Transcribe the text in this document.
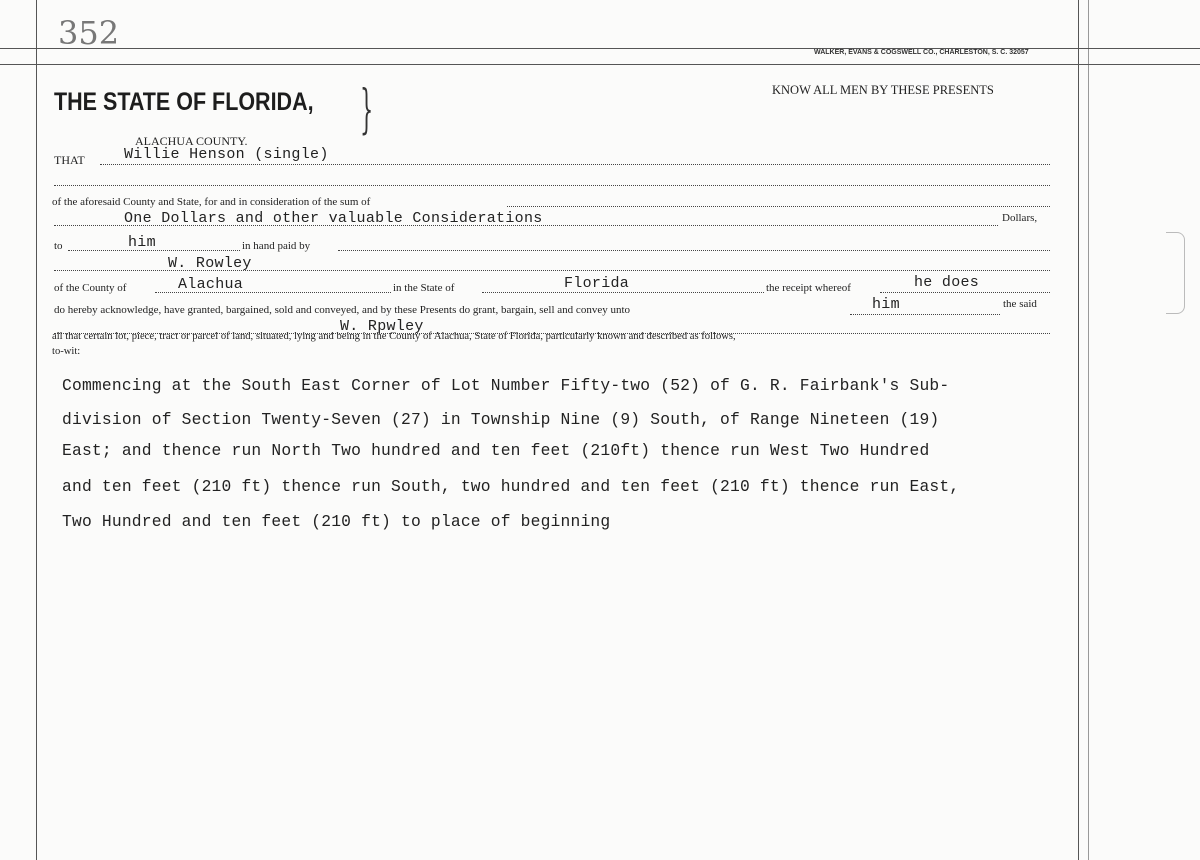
352
WALKER, EVANS & COGSWELL CO., CHARLESTON, S. C. 32057
THE STATE OF FLORIDA, }
ALACHUA COUNTY.
KNOW ALL MEN BY THESE PRESENTS
THAT	Willie Henson (single)
of the aforesaid County and State, for and in consideration of the sum of
One Dollars and other valuable Considerations	Dollars,
to	him	in hand paid by
W. Rowley
of the County of	Alachua	in the State of	Florida	the receipt whereof	he does
do hereby acknowledge, have granted, bargained, sold and conveyed, and by these Presents do grant, bargain, sell and convey unto	him	the said
W. Rpwley
all that certain lot, piece, tract or parcel of land, situated, lying and being in the County of Alachua, State of Florida, particularly known and described as follows,
to-wit:
Commencing at the South East Corner of Lot Number Fifty-two (52) of G. R. Fairbank's Sub-
division of Section Twenty-Seven (27) in Township Nine (9) South, of Range Nineteen (19)
East; and thence run North Two hundred and ten feet (210ft) thence run West Two Hundred
and ten feet (210 ft) thence run South, two hundred and ten feet (210 ft) thence run East,
Two Hundred and ten feet (210 ft) to place of beginning
